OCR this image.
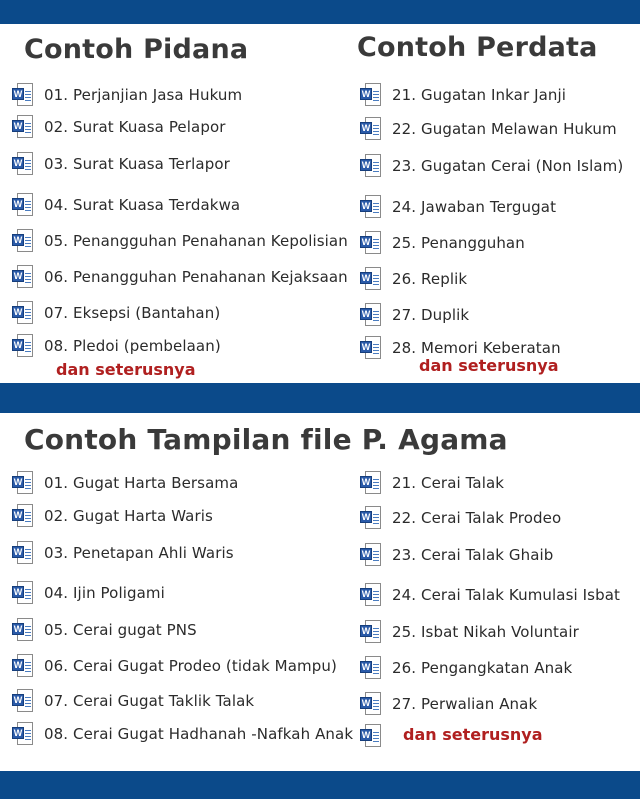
Contoh Pidana	Contoh Perdata
Contoh Tampilan file P. Agama
W 01. Perjanjian Jasa Hukum
W 02. Surat Kuasa Pelapor
W 03. Surat Kuasa Terlapor
W 04. Surat Kuasa Terdakwa
W 05. Penangguhan Penahanan Kepolisian
W 06. Penangguhan Penahanan Kejaksaan
W 07. Eksepsi (Bantahan)
W 08. Pledoi (pembelaan)
dan seterusnya
W 21. Gugatan Inkar Janji
W 22. Gugatan Melawan Hukum
W 23. Gugatan Cerai (Non Islam)
W 24. Jawaban Tergugat
W 25. Penangguhan
W 26. Replik
W 27. Duplik
W 28. Memori Keberatan
dan seterusnya
W 01. Gugat Harta Bersama
W 02. Gugat Harta Waris
W 03. Penetapan Ahli Waris
W 04. Ijin Poligami
W 05. Cerai gugat PNS
W 06. Cerai Gugat Prodeo (tidak Mampu)
W 07. Cerai Gugat Taklik Talak
W 08. Cerai Gugat Hadhanah -Nafkah Anak
W 21. Cerai Talak
W 22. Cerai Talak Prodeo
W 23. Cerai Talak Ghaib
W 24. Cerai Talak Kumulasi Isbat
W 25. Isbat Nikah Voluntair
W 26. Pengangkatan Anak
W 27. Perwalian Anak
W dan seterusnya
